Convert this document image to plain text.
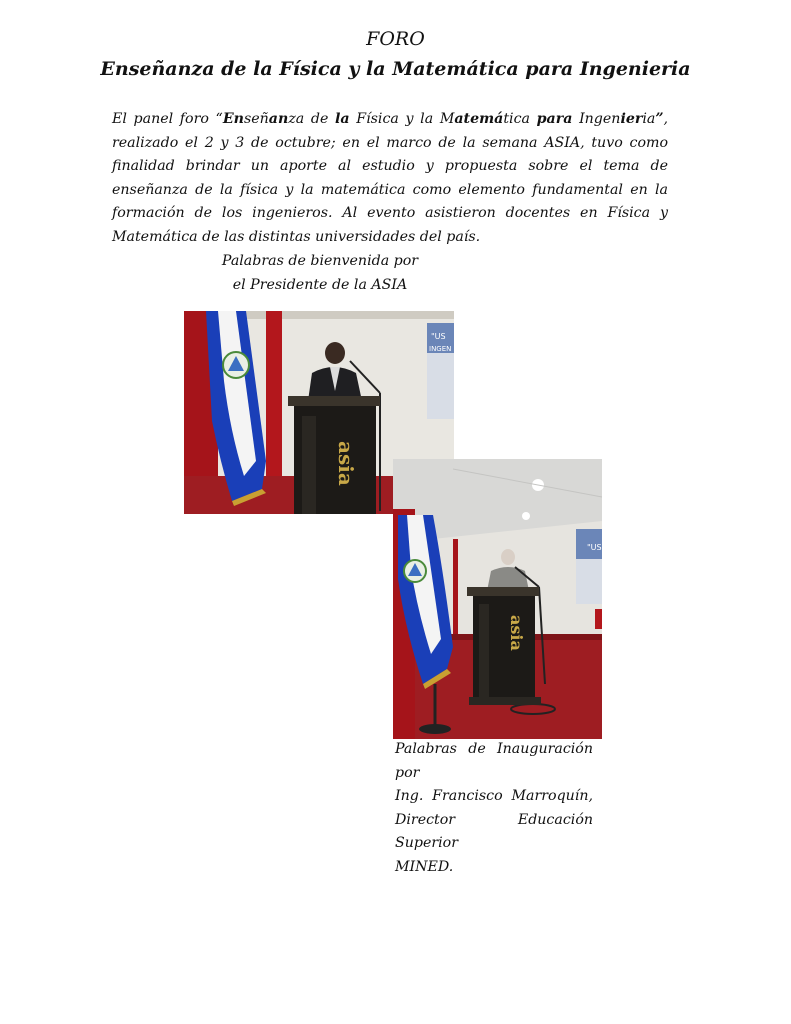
FORO
Enseñanza de la Física y la Matemática para Ingenieria

El panel foro “Enseñanza de la Física y la Matemática para Ingenieria”, realizado el 2 y 3 de octubre; en el marco de la semana ASIA, tuvo como finalidad brindar un aporte al estudio y propuesta sobre el tema de enseñanza de la física y la matemática como elemento fundamental en la formación de los ingenieros. Al evento asistieron docentes en Física y Matemática de las distintas universidades del país.

Palabras de bienvenida por
el Presidente de la ASIA
"US
INGEN
asia
"US
asia
Palabras de Inauguración por
Ing. Francisco Marroquín,
Director Educación Superior
MINED.
